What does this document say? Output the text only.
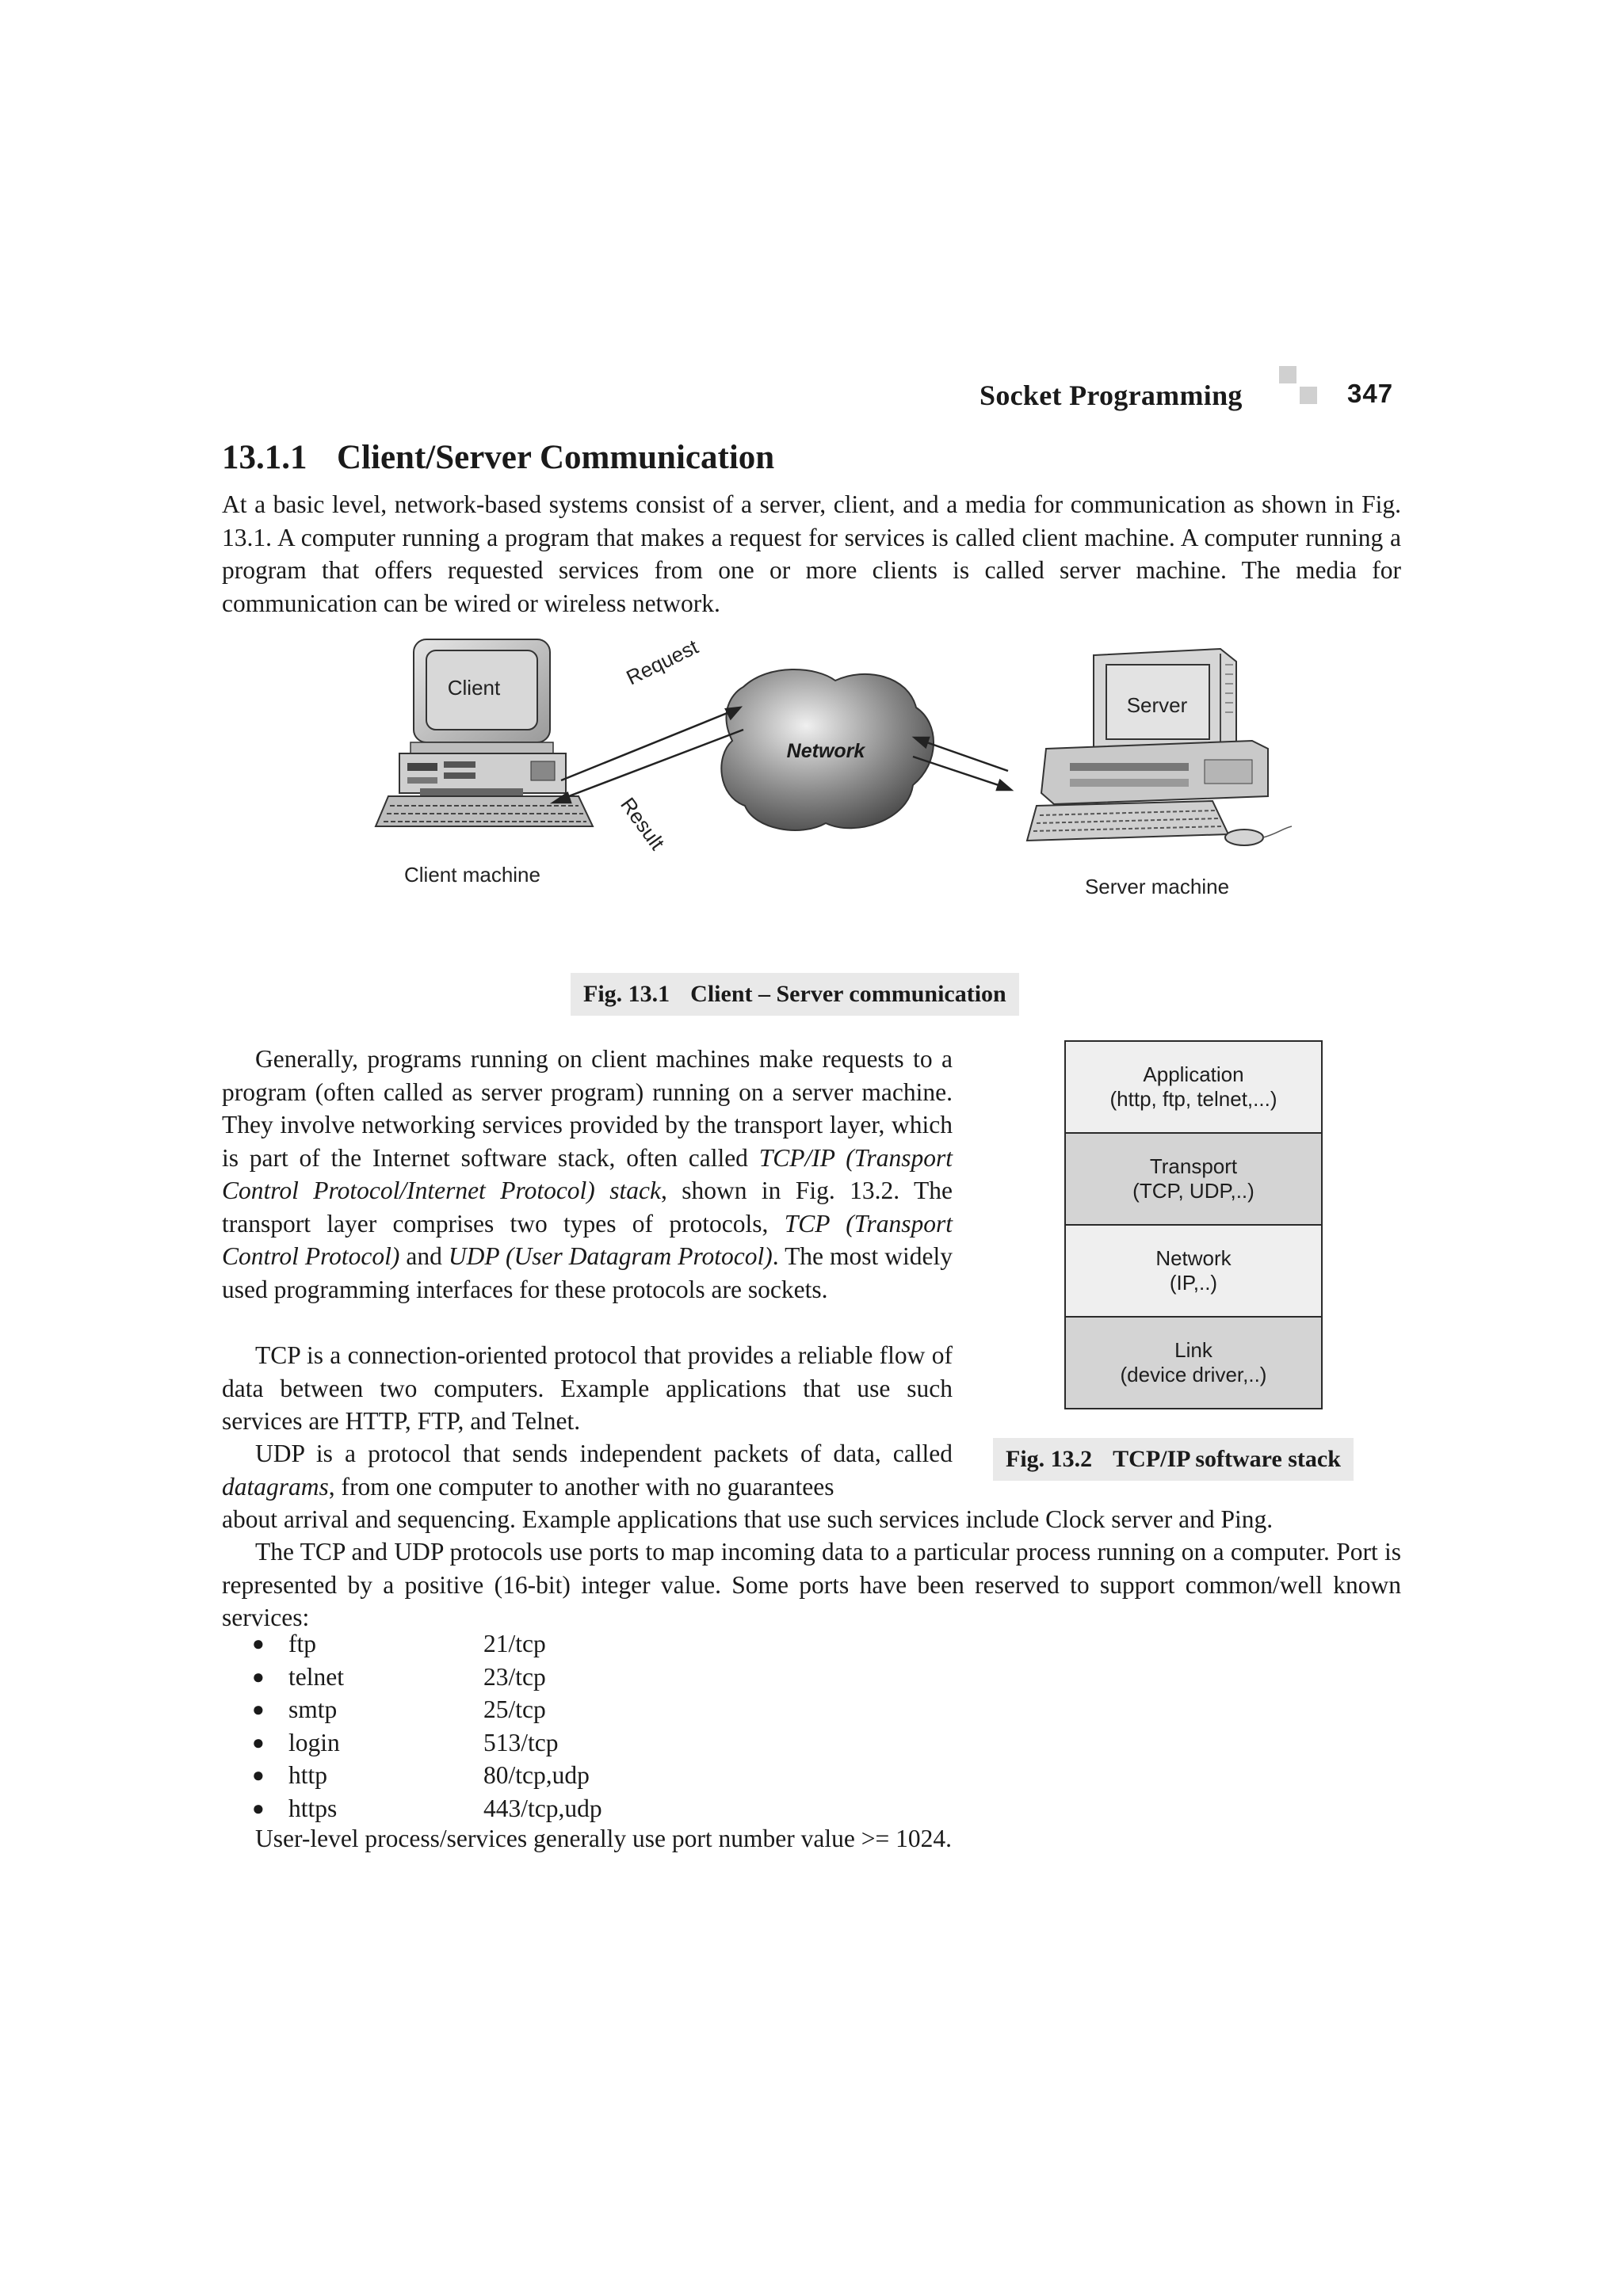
Socket Programming	347
13.1.1 Client/Server Communication
At a basic level, network-based systems consist of a server, client, and a media for communication as shown in Fig. 13.1. A computer running a program that makes a request for services is called client machine. A computer running a program that offers requested services from one or more clients is called server machine. The media for communication can be wired or wireless network.
Client
Client machine
Network
Request
Result
Server
Server machine
Fig. 13.1 Client – Server communication
Generally, programs running on client machines make requests to a program (often called as server program) running on a server machine. They involve networking services provided by the transport layer, which is part of the Internet software stack, often called TCP/IP (Transport Control Protocol/Internet Protocol) stack, shown in Fig. 13.2. The transport layer comprises two types of protocols, TCP (Transport Control Protocol) and UDP (User Datagram Protocol). The most widely used programming interfaces for these protocols are sockets.
TCP is a connection-oriented protocol that provides a reliable flow of data between two computers. Example applications that use such services are HTTP, FTP, and Telnet.
UDP is a protocol that sends independent packets of data, called datagrams, from one computer to another with no guarantees
about arrival and sequencing. Example applications that use such services include Clock server and Ping.
Application
(http, ftp, telnet,...)
Transport
(TCP, UDP,..)
Network
(IP,..)
Link
(device driver,..)
Fig. 13.2 TCP/IP software stack
The TCP and UDP protocols use ports to map incoming data to a particular process running on a computer. Port is represented by a positive (16-bit) integer value. Some ports have been reserved to support common/well known services:
● ftp	21/tcp
● telnet	23/tcp
● smtp	25/tcp
● login	513/tcp
● http	80/tcp,udp
● https	443/tcp,udp
User-level process/services generally use port number value >= 1024.
